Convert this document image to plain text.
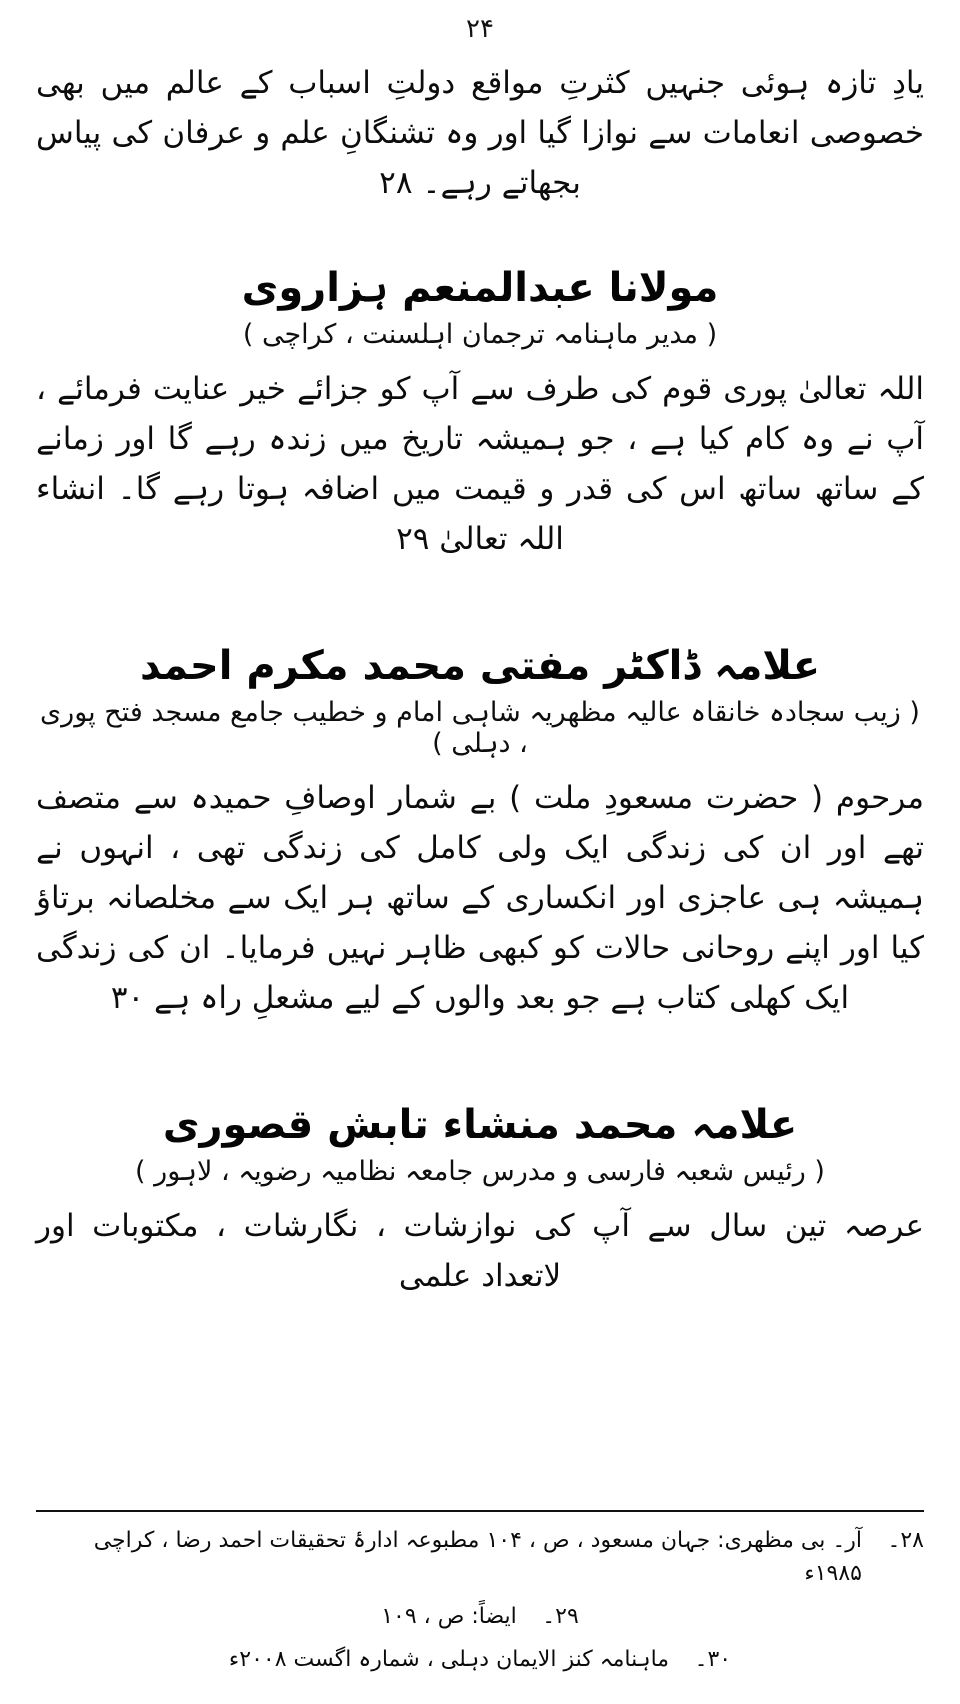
۲۴

یادِ تازہ ہوئی جنہیں کثرتِ مواقع دولتِ اسباب کے عالم میں بھی خصوصی انعامات سے نوازا گیا اور وہ تشنگانِ علم و عرفان کی پیاس بجھاتے رہے۔ ۲۸

مولانا عبدالمنعم ہزاروی
( مدیر ماہنامہ ترجمان اہلسنت ، کراچی )

اللہ تعالیٰ پوری قوم کی طرف سے آپ کو جزائے خیر عنایت فرمائے ، آپ نے وہ کام کیا ہے ، جو ہمیشہ تاریخ میں زندہ رہے گا اور زمانے کے ساتھ ساتھ اس کی قدر و قیمت میں اضافہ ہوتا رہے گا۔ انشاء اللہ تعالیٰ ۲۹

علامہ ڈاکٹر مفتی محمد مکرم احمد
( زیب سجادہ خانقاہ عالیہ مظهریہ شاہی امام و خطیب جامع مسجد فتح پوری ، دہلی )

مرحوم ( حضرت مسعودِ ملت ) بے شمار اوصافِ حمیدہ سے متصف تھے اور ان کی زندگی ایک ولی کامل کی زندگی تھی ، انہوں نے ہمیشہ ہی عاجزی اور انکساری کے ساتھ ہر ایک سے مخلصانہ برتاؤ کیا اور اپنے روحانی حالات کو کبھی ظاہر نہیں فرمایا۔ ان کی زندگی ایک کھلی کتاب ہے جو بعد والوں کے لیے مشعلِ راہ ہے ۳۰

علامہ محمد منشاء تابش قصوری
( رئیس شعبہ فارسی و مدرس جامعہ نظامیہ رضویہ ، لاہور )

عرصہ تین سال سے آپ کی نوازشات ، نگارشات ، مکتوبات اور لاتعداد علمی

۲۸۔
آر۔ بی مظهری: جہان مسعود ، ص ، ۱۰۴ مطبوعہ ادارۂ تحقیقات احمد رضا ، کراچی ۱۹۸۵ء
۲۹۔
ایضاً: ص ، ۱۰۹
۳۰۔
ماہنامہ کنز الایمان دہلی ، شمارہ اگست ۲۰۰۸ء
